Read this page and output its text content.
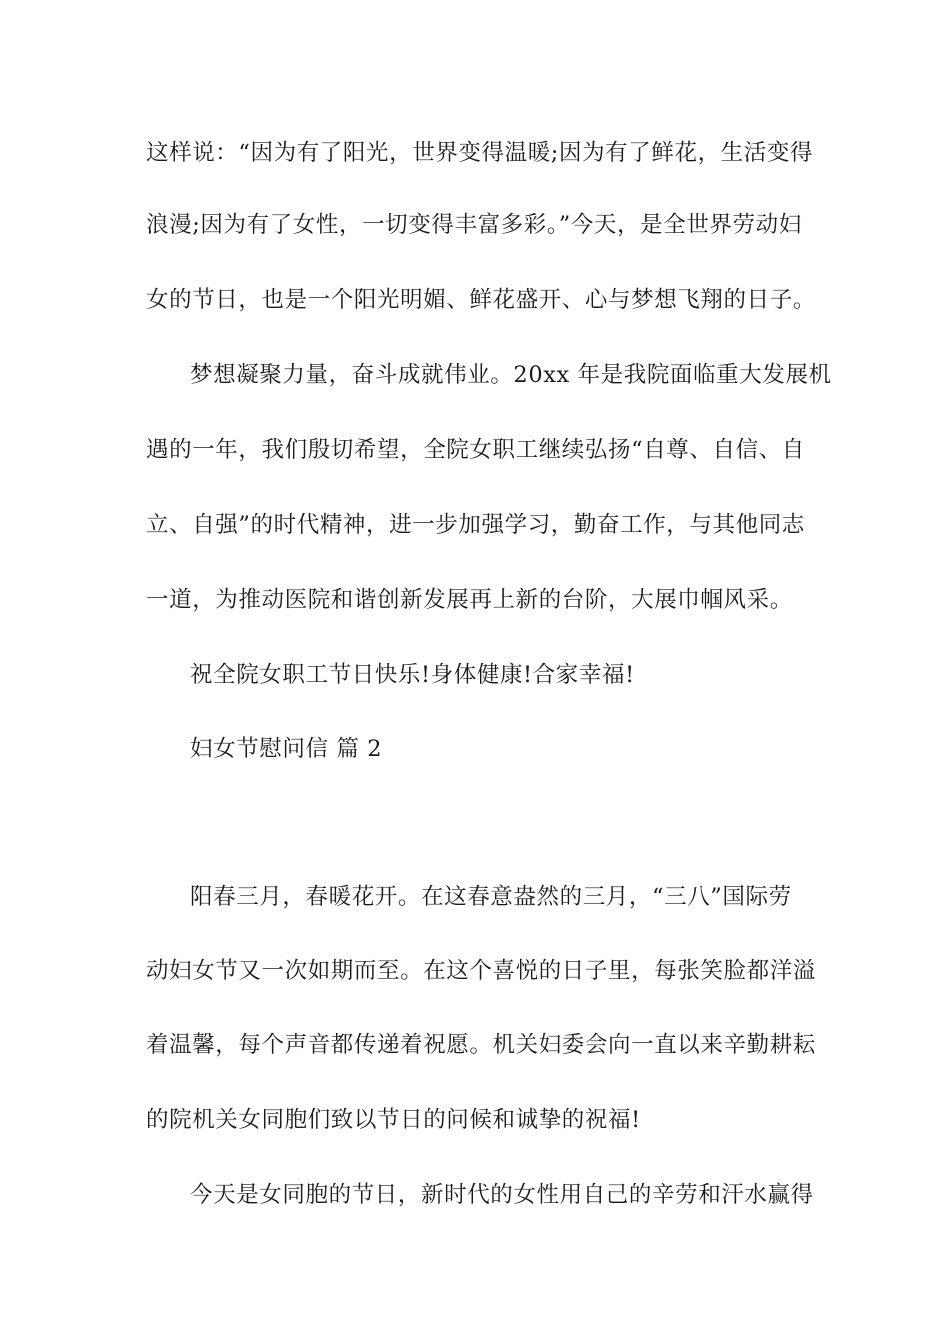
这样说：“因为有了阳光，世界变得温暖;因为有了鲜花，生活变得
浪漫;因为有了女性，一切变得丰富多彩。”今天，是全世界劳动妇
女的节日，也是一个阳光明媚、鲜花盛开、心与梦想飞翔的日子。
梦想凝聚力量，奋斗成就伟业。20xx 年是我院面临重大发展机
遇的一年，我们殷切希望，全院女职工继续弘扬“自尊、自信、自
立、自强”的时代精神，进一步加强学习，勤奋工作，与其他同志
一道，为推动医院和谐创新发展再上新的台阶，大展巾帼风采。
祝全院女职工节日快乐!身体健康!合家幸福!
妇女节慰问信 篇 2
阳春三月，春暖花开。在这春意盎然的三月，“三八”国际劳
动妇女节又一次如期而至。在这个喜悦的日子里，每张笑脸都洋溢
着温馨，每个声音都传递着祝愿。机关妇委会向一直以来辛勤耕耘
的院机关女同胞们致以节日的问候和诚挚的祝福!
今天是女同胞的节日，新时代的女性用自己的辛劳和汗水赢得
